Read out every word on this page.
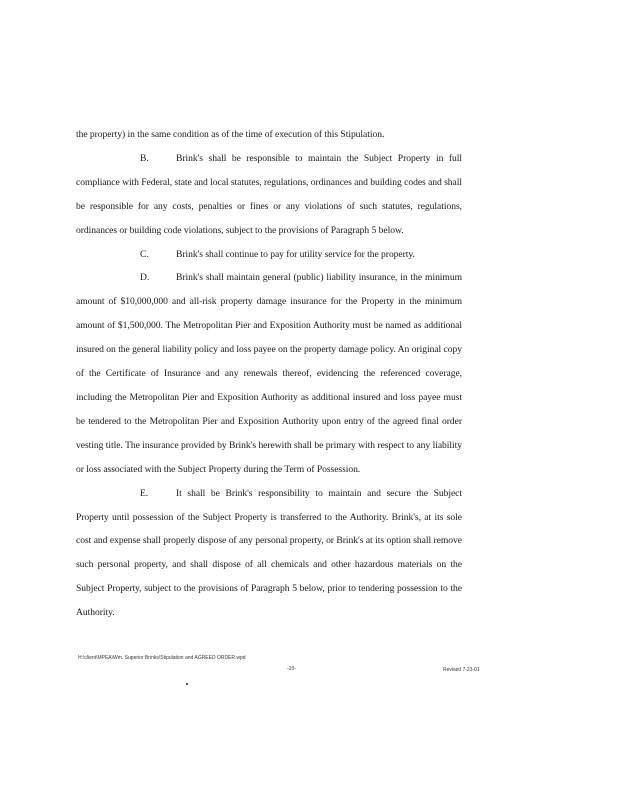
the property) in the same condition as of the time of execution of this Stipulation.

B.	Brink's shall be responsible to maintain the Subject Property in full compliance with Federal, state and local statutes, regulations, ordinances and building codes and shall be responsible for any costs, penalties or fines or any violations of such statutes, regulations, ordinances or building code violations, subject to the provisions of Paragraph 5 below.

C.	Brink's shall continue to pay for utility service for the property.

D.	Brink's shall maintain general (public) liability insurance, in the minimum amount of $10,000,000 and all-risk property damage insurance for the Property in the minimum amount of $1,500,000. The Metropolitan Pier and Exposition Authority must be named as additional insured on the general liability policy and loss payee on the property damage policy. An original copy of the Certificate of Insurance and any renewals thereof, evidencing the referenced coverage, including the Metropolitan Pier and Exposition Authority as additional insured and loss payee must be tendered to the Metropolitan Pier and Exposition Authority upon entry of the agreed final order vesting title. The insurance provided by Brink's herewith shall be primary with respect to any liability or loss associated with the Subject Property during the Term of Possession.

E.	It shall be Brink's responsibility to maintain and secure the Subject Property until possession of the Subject Property is transferred to the Authority. Brink's, at its sole cost and expense shall properly dispose of any personal property, or Brink's at its option shall remove such personal property, and shall dispose of all chemicals and other hazardous materials on the Subject Property, subject to the provisions of Paragraph 5 below, prior to tendering possession to the Authority.

H:\client\MPEA\Wm. Superior Brinks\Stipulation and AGREED ORDER.wpd
-10-	Revised 7-23-01
